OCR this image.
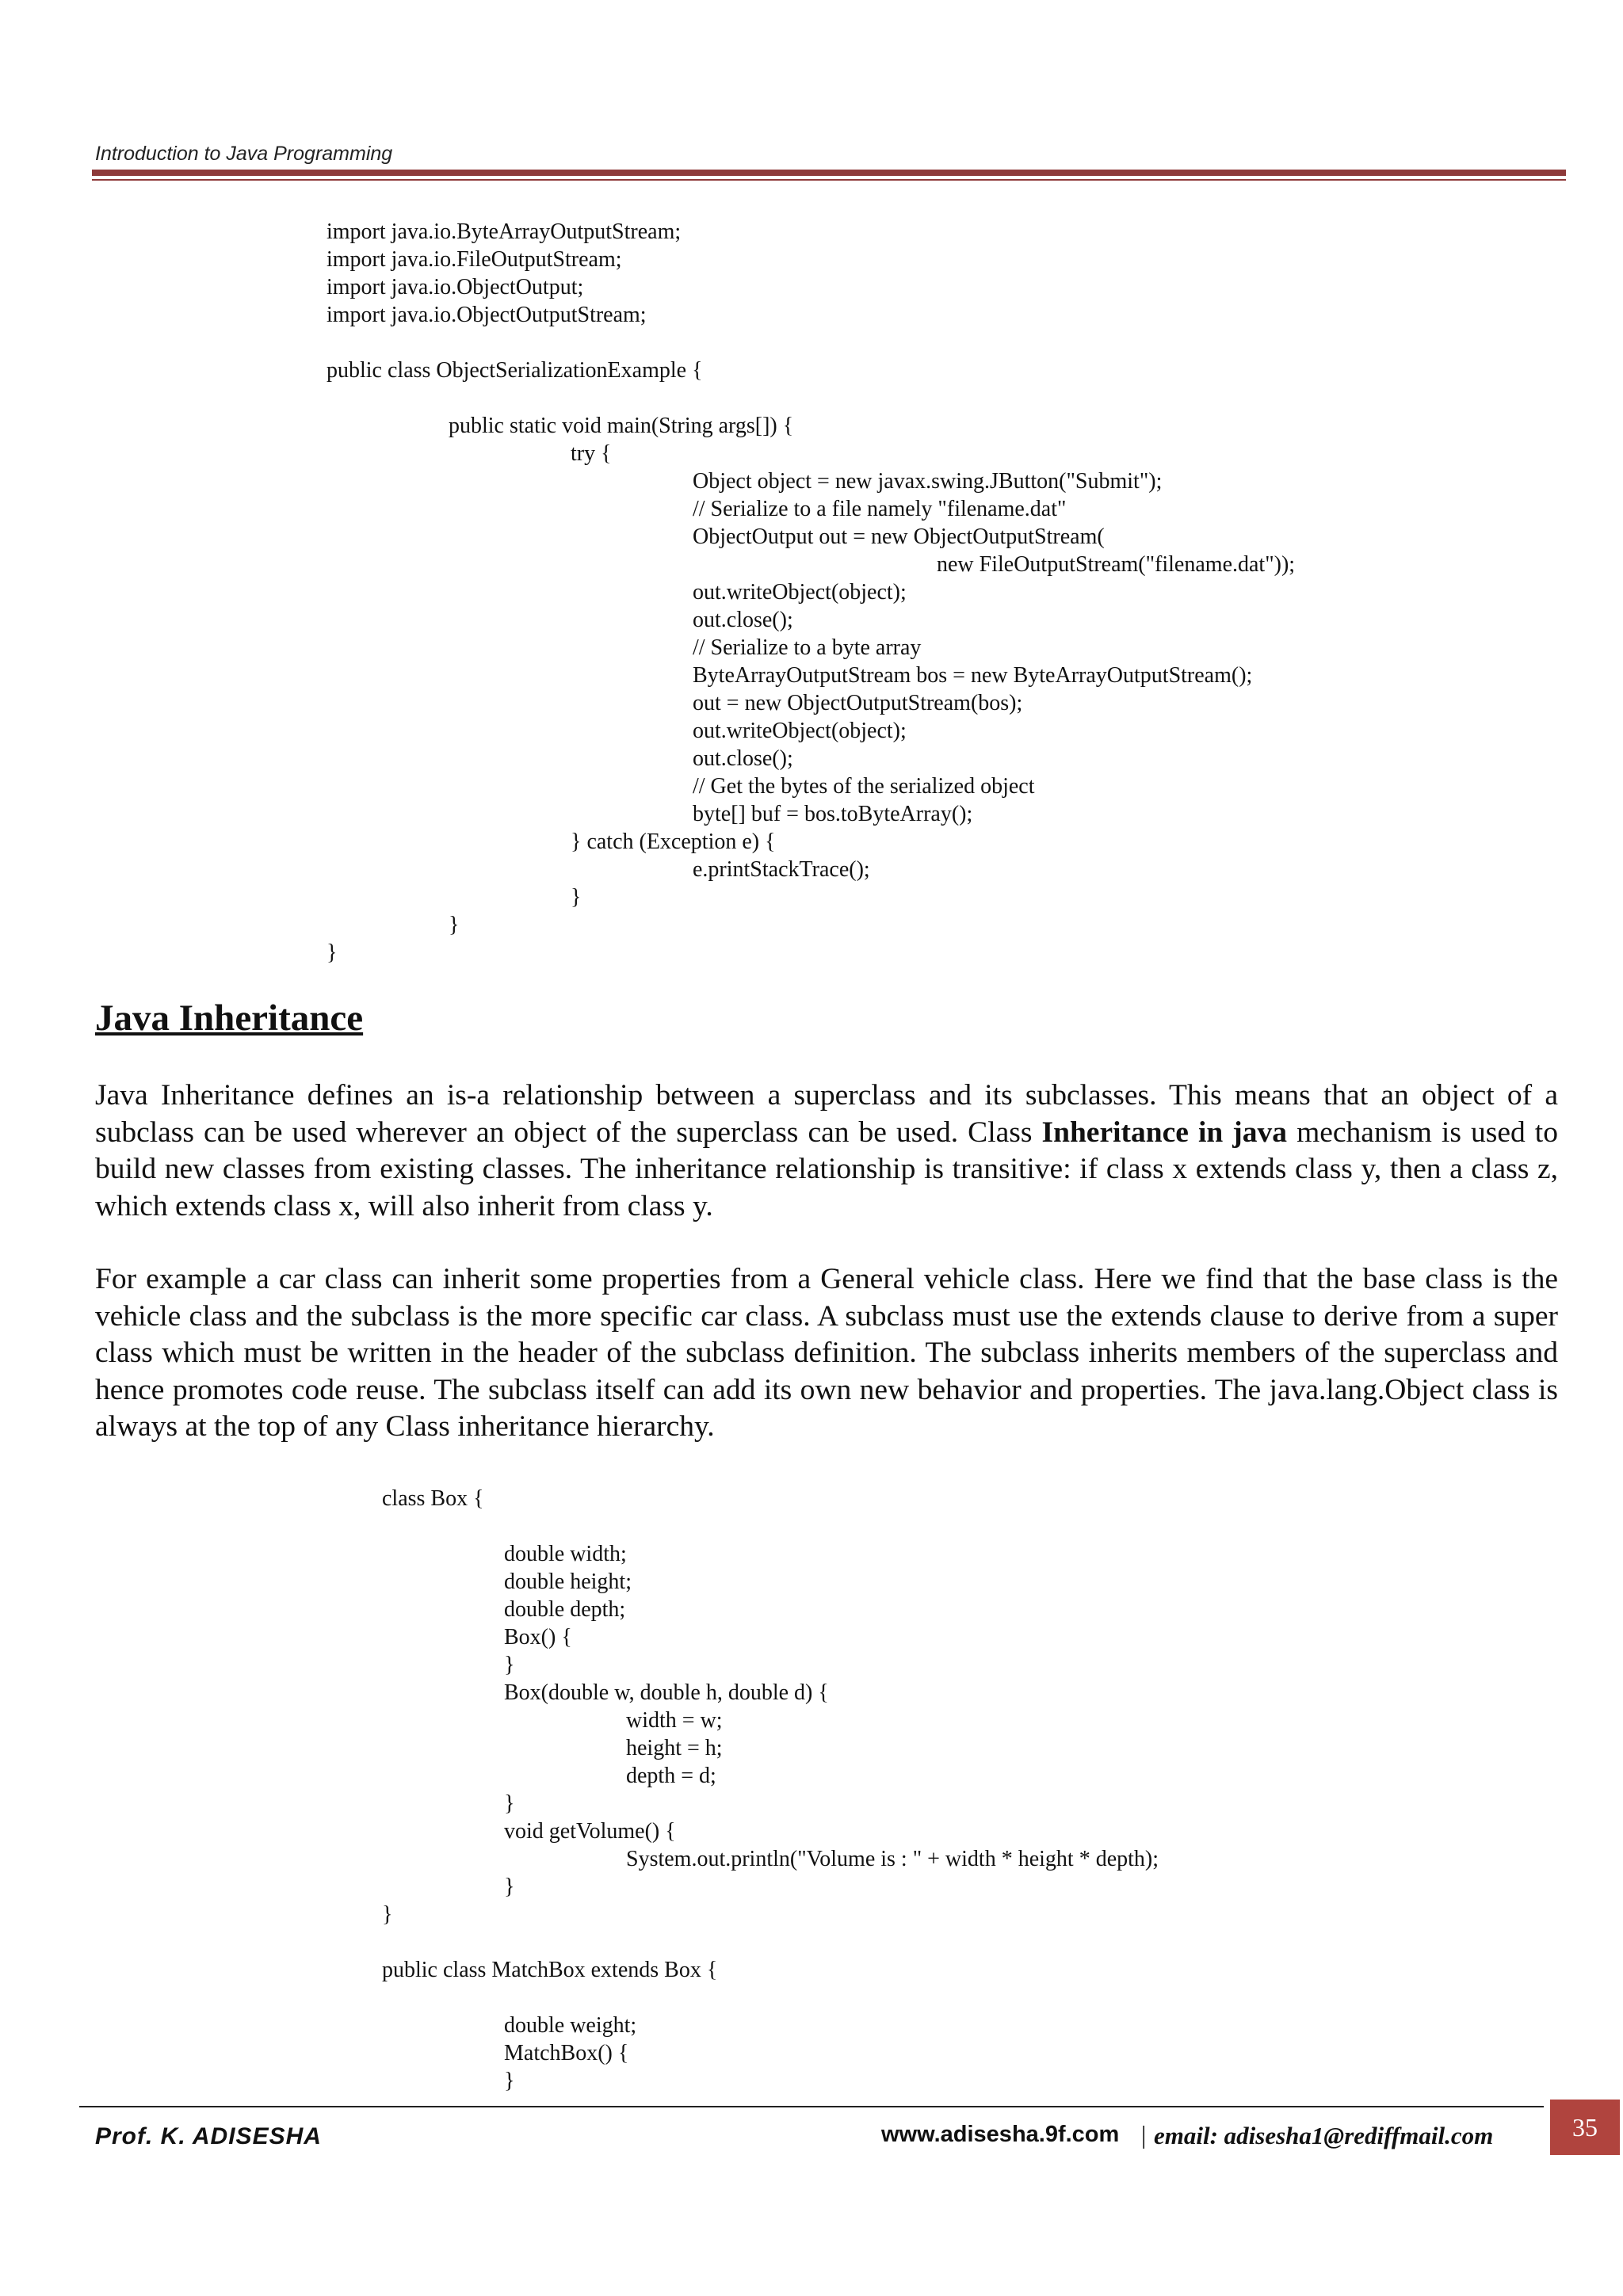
Introduction to Java Programming
import java.io.ByteArrayOutputStream;
import java.io.FileOutputStream;
import java.io.ObjectOutput;
import java.io.ObjectOutputStream;
public class ObjectSerializationExample {
public static void main(String args[]) {
try {
Object object = new javax.swing.JButton("Submit");
// Serialize to a file namely "filename.dat"
ObjectOutput out = new ObjectOutputStream(
new FileOutputStream("filename.dat"));
out.writeObject(object);
out.close();
// Serialize to a byte array
ByteArrayOutputStream bos = new ByteArrayOutputStream();
out = new ObjectOutputStream(bos);
out.writeObject(object);
out.close();
// Get the bytes of the serialized object
byte[] buf = bos.toByteArray();
} catch (Exception e) {
e.printStackTrace();
}
}
}
Java Inheritance
Java Inheritance defines an is-a relationship between a superclass and its subclasses. This means that an object of a subclass can be used wherever an object of the superclass can be used. Class Inheritance in java mechanism is used to build new classes from existing classes. The inheritance relationship is transitive: if class x extends class y, then a class z, which extends class x, will also inherit from class y.
For example a car class can inherit some properties from a General vehicle class. Here we find that the base class is the vehicle class and the subclass is the more specific car class. A subclass must use the extends clause to derive from a super class which must be written in the header of the subclass definition. The subclass inherits members of the superclass and hence promotes code reuse. The subclass itself can add its own new behavior and properties. The java.lang.Object class is always at the top of any Class inheritance hierarchy.
class Box {
double width;
double height;
double depth;
Box() {
}
Box(double w, double h, double d) {
width = w;
height = h;
depth = d;
}
void getVolume() {
System.out.println("Volume is : " + width * height * depth);
}
}
public class MatchBox extends Box {
double weight;
MatchBox() {
}
Prof. K. ADISESHA	www.adisesha.9f.com | email: adisesha1@rediffmail.com	35
